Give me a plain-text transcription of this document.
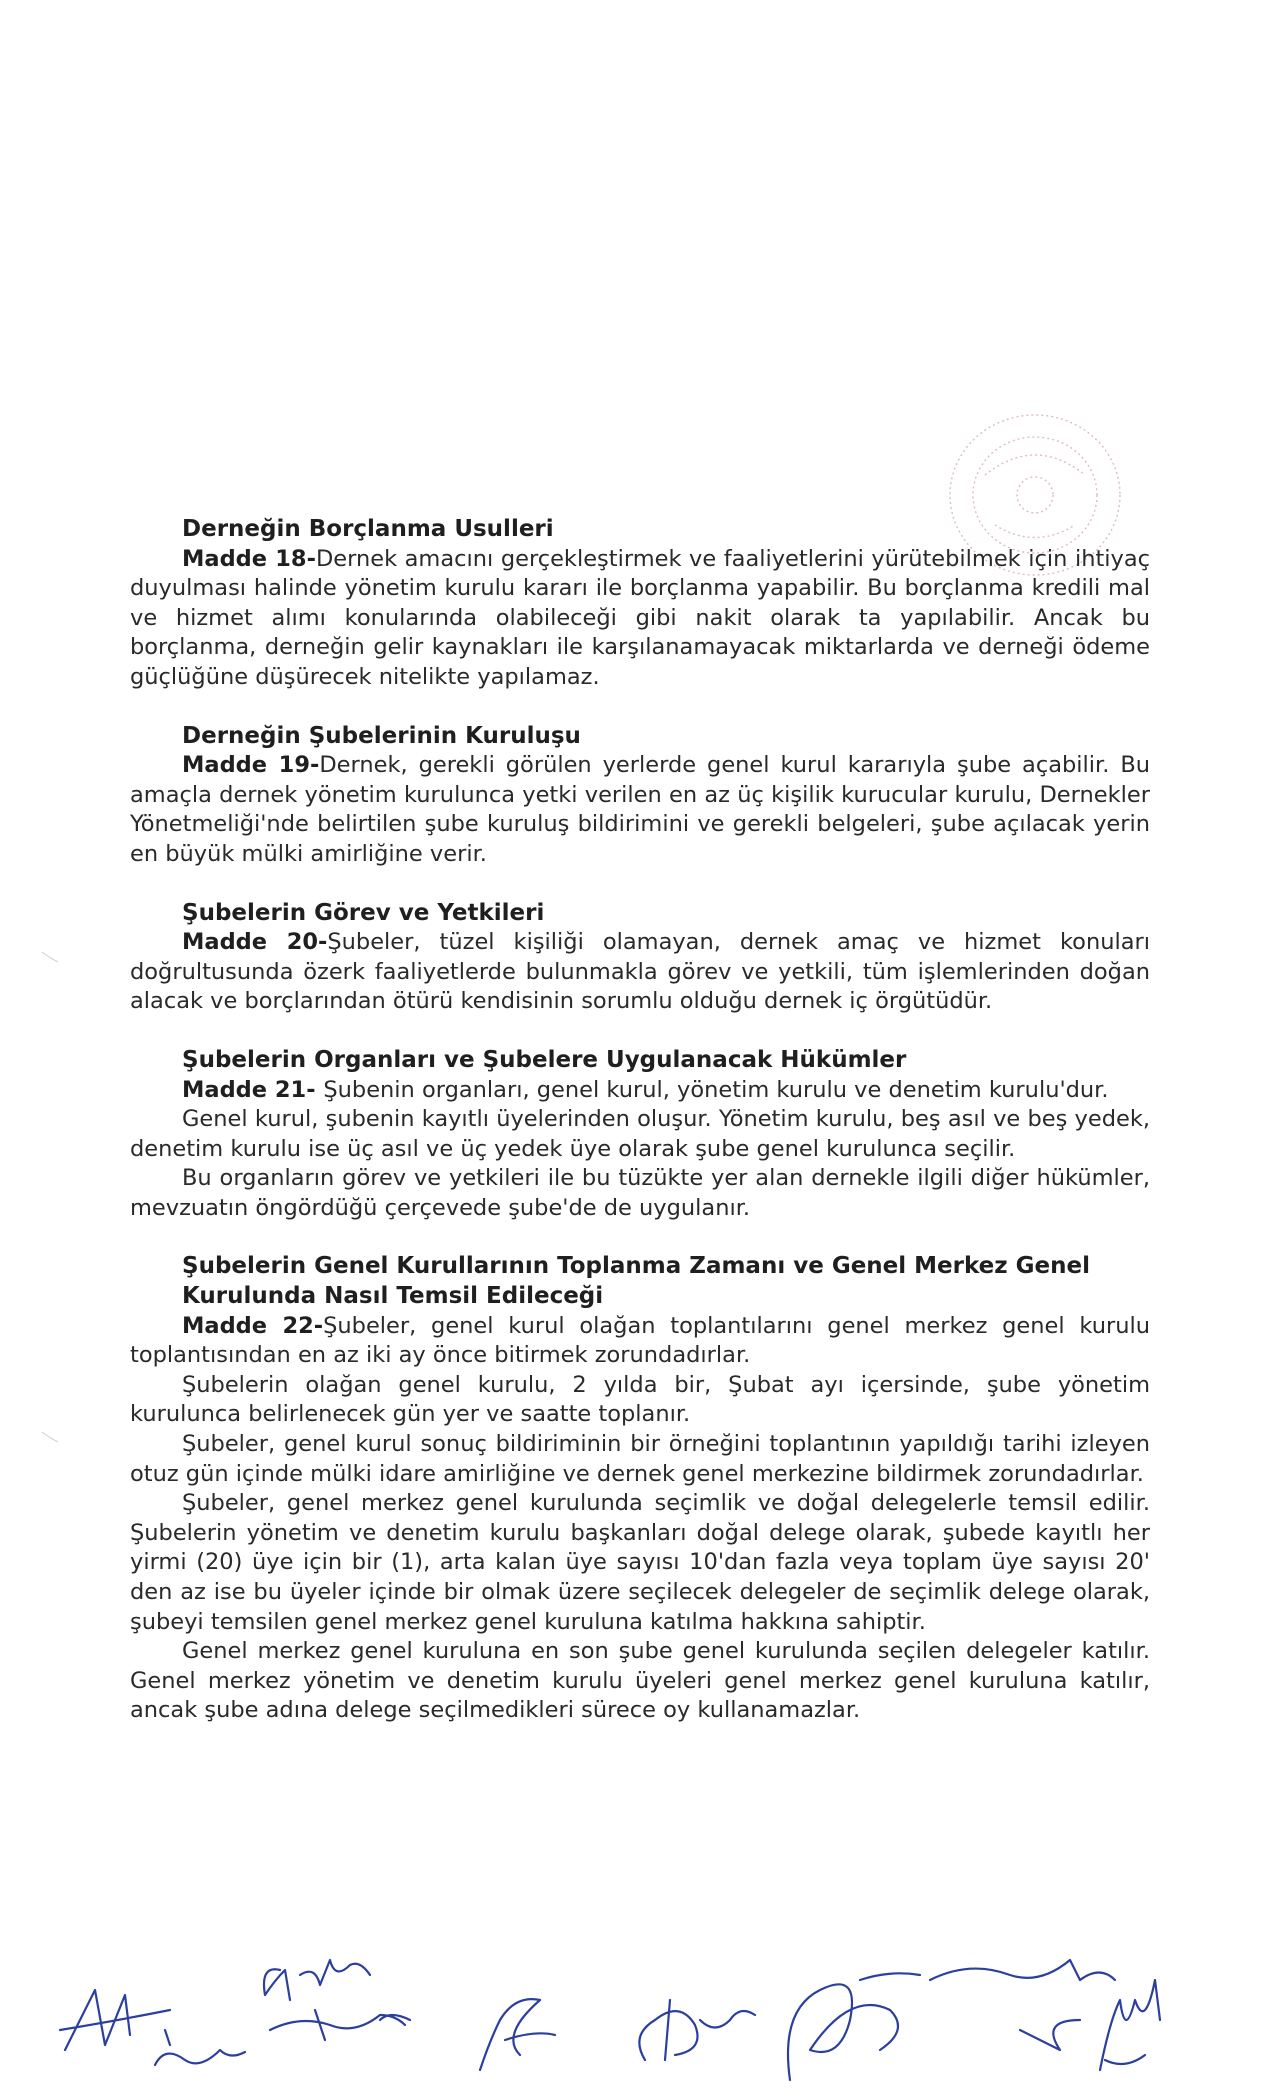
Derneğin Borçlanma Usulleri

Madde 18-Dernek amacını gerçekleştirmek ve faaliyetlerini yürütebilmek için ihtiyaç duyulması halinde yönetim kurulu kararı ile borçlanma yapabilir. Bu borçlanma kredili mal ve hizmet alımı konularında olabileceği gibi nakit olarak ta yapılabilir. Ancak bu borçlanma, derneğin gelir kaynakları ile karşılanamayacak miktarlarda ve derneği ödeme güçlüğüne düşürecek nitelikte yapılamaz.

Derneğin Şubelerinin Kuruluşu

Madde 19-Dernek, gerekli görülen yerlerde genel kurul kararıyla şube açabilir. Bu amaçla dernek yönetim kurulunca yetki verilen en az üç kişilik kurucular kurulu, Dernekler Yönetmeliği'nde belirtilen şube kuruluş bildirimini ve gerekli belgeleri, şube açılacak yerin en büyük mülki amirliğine verir.

Şubelerin Görev ve Yetkileri

Madde 20-Şubeler, tüzel kişiliği olamayan, dernek amaç ve hizmet konuları doğrultusunda özerk faaliyetlerde bulunmakla görev ve yetkili, tüm işlemlerinden doğan alacak ve borçlarından ötürü kendisinin sorumlu olduğu dernek iç örgütüdür.

Şubelerin Organları ve Şubelere Uygulanacak Hükümler

Madde 21- Şubenin organları, genel kurul, yönetim kurulu ve denetim kurulu'dur.

Genel kurul, şubenin kayıtlı üyelerinden oluşur. Yönetim kurulu, beş asıl ve beş yedek, denetim kurulu ise üç asıl ve üç yedek üye olarak şube genel kurulunca seçilir.

Bu organların görev ve yetkileri ile bu tüzükte yer alan dernekle ilgili diğer hükümler, mevzuatın öngördüğü çerçevede şube'de de uygulanır.

Şubelerin Genel Kurullarının Toplanma Zamanı ve Genel Merkez Genel Kurulunda Nasıl Temsil Edileceği

Madde 22-Şubeler, genel kurul olağan toplantılarını genel merkez genel kurulu toplantısından en az iki ay önce bitirmek zorundadırlar.

Şubelerin olağan genel kurulu, 2 yılda bir, Şubat ayı içersinde, şube yönetim kurulunca belirlenecek gün yer ve saatte toplanır.

Şubeler, genel kurul sonuç bildiriminin bir örneğini toplantının yapıldığı tarihi izleyen otuz gün içinde mülki idare amirliğine ve dernek genel merkezine bildirmek zorundadırlar.

Şubeler, genel merkez genel kurulunda seçimlik ve doğal delegelerle temsil edilir. Şubelerin yönetim ve denetim kurulu başkanları doğal delege olarak, şubede kayıtlı her yirmi (20) üye için bir (1), arta kalan üye sayısı 10'dan fazla veya toplam üye sayısı 20' den az ise bu üyeler içinde bir olmak üzere seçilecek delegeler de seçimlik delege olarak, şubeyi temsilen genel merkez genel kuruluna katılma hakkına sahiptir.

Genel merkez genel kuruluna en son şube genel kurulunda seçilen delegeler katılır. Genel merkez yönetim ve denetim kurulu üyeleri genel merkez genel kuruluna katılır, ancak şube adına delege seçilmedikleri sürece oy kullanamazlar.
